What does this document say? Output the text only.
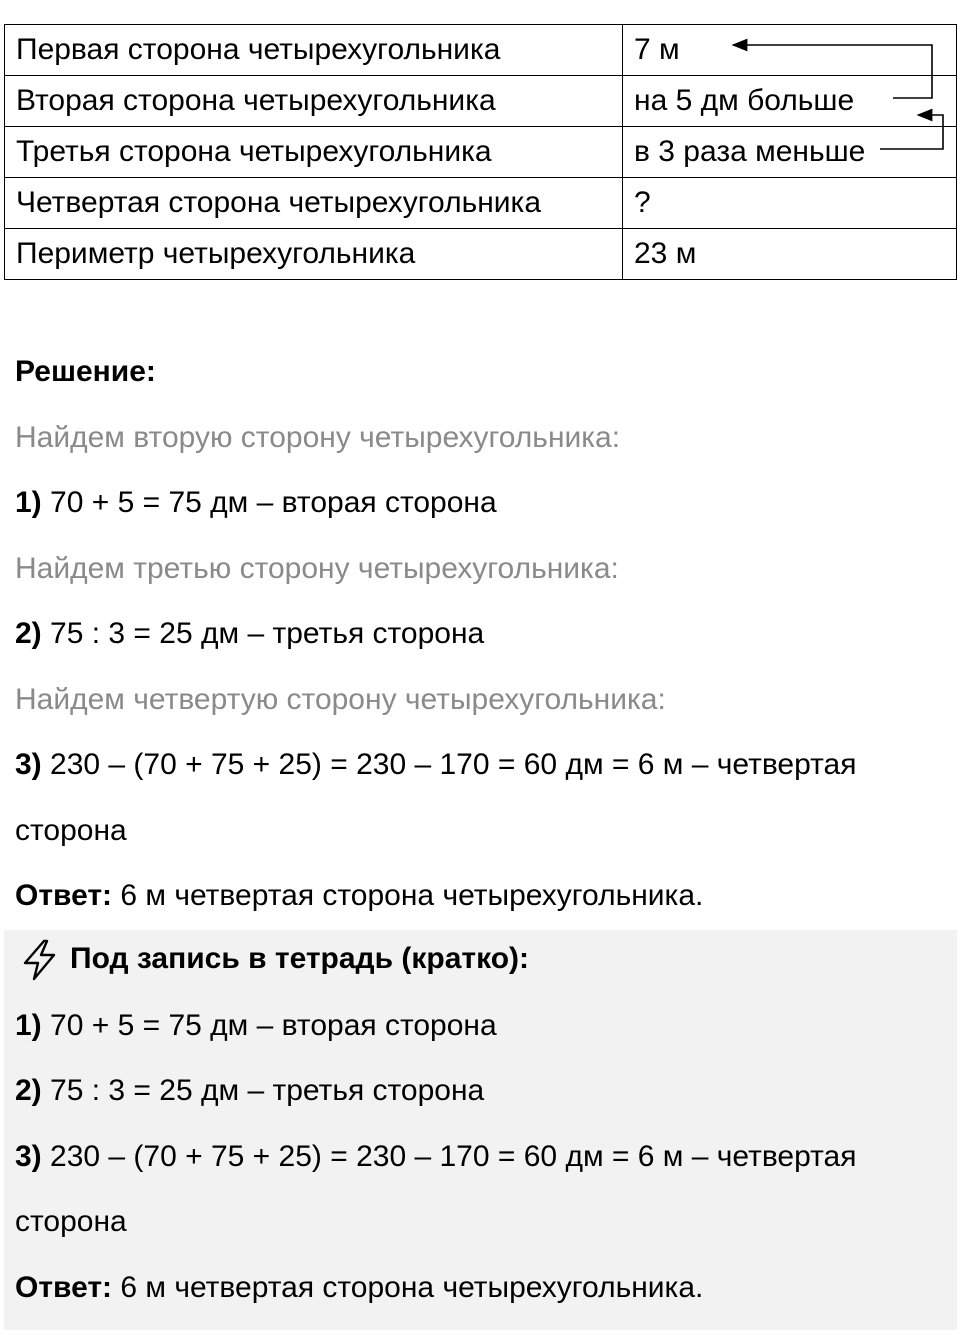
Первая сторона четырехугольника	7 м
Вторая сторона четырехугольника	на 5 дм больше
Третья сторона четырехугольника	в 3 раза меньше
Четвертая сторона четырехугольника	?
Периметр четырехугольника	23 м
Решение:
Найдем вторую сторону четырехугольника:
1) 70 + 5 = 75 дм – вторая сторона
Найдем третью сторону четырехугольника:
2) 75 : 3 = 25 дм – третья сторона
Найдем четвертую сторону четырехугольника:
3) 230 – (70 + 75 + 25) = 230 – 170 = 60 дм = 6 м – четвертая
сторона
Ответ: 6 м четвертая сторона четырехугольника.
Под запись в тетрадь (кратко):
1) 70 + 5 = 75 дм – вторая сторона
2) 75 : 3 = 25 дм – третья сторона
3) 230 – (70 + 75 + 25) = 230 – 170 = 60 дм = 6 м – четвертая
сторона
Ответ: 6 м четвертая сторона четырехугольника.
